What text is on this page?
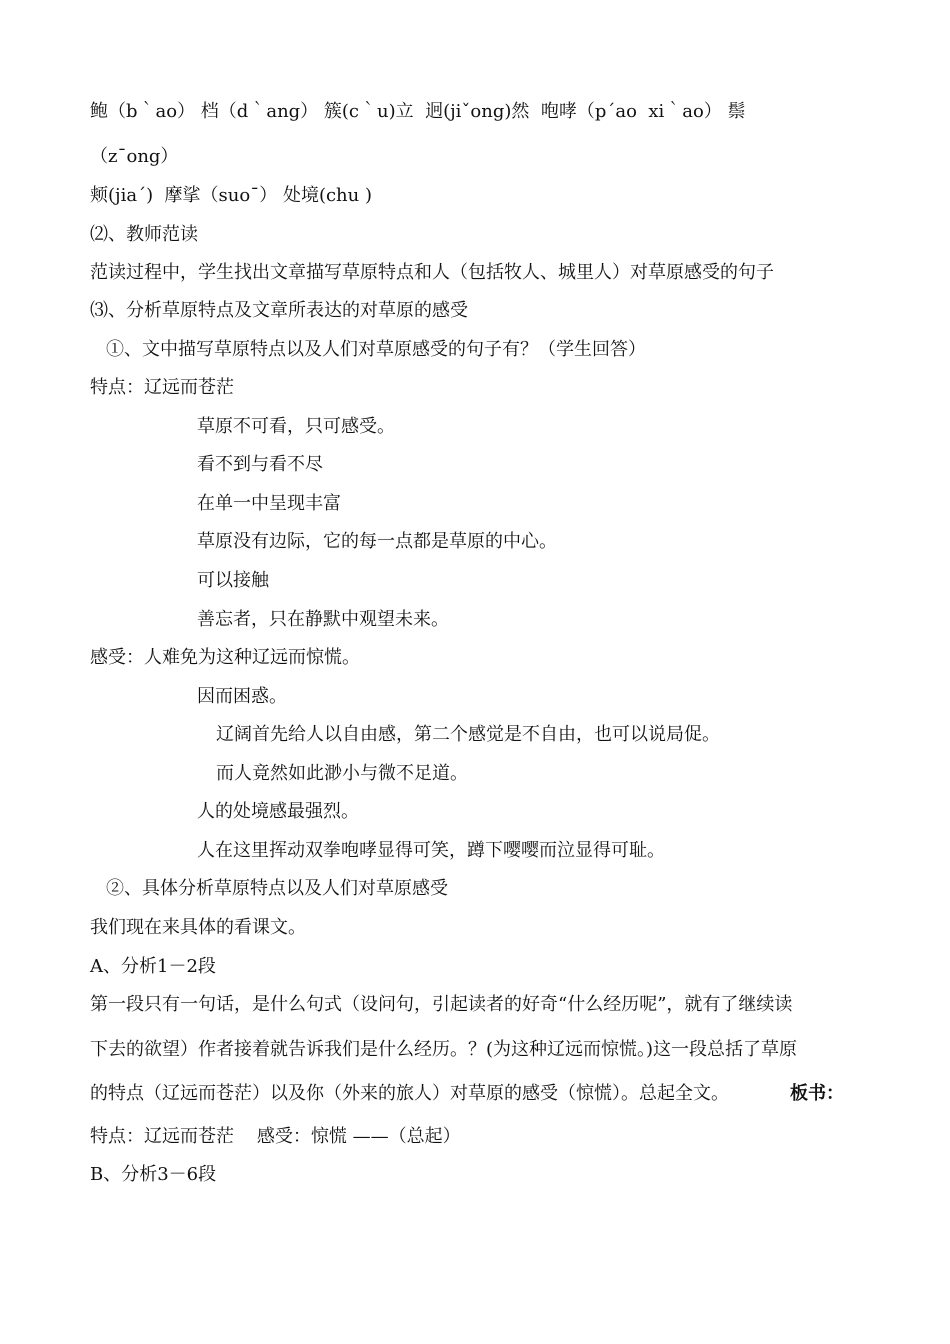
鲍（b｀ao） 档（d｀ang） 簇(c｀u)立  迥(jiˇong)然  咆哮（p´ao  xi｀ao） 鬃
（zˉong）
颊(jia´)  摩挲（suoˉ） 处境(chu )
⑵、教师范读
范读过程中，学生找出文章描写草原特点和人（包括牧人、城里人）对草原感受的句子
⑶、分析草原特点及文章所表达的对草原的感受
①、文中描写草原特点以及人们对草原感受的句子有？（学生回答）
特点：辽远而苍茫
草原不可看，只可感受。
看不到与看不尽
在单一中呈现丰富
草原没有边际，它的每一点都是草原的中心。
可以接触
善忘者，只在静默中观望未来。
感受：人难免为这种辽远而惊慌。
因而困惑。
辽阔首先给人以自由感，第二个感觉是不自由，也可以说局促。
而人竟然如此渺小与微不足道。
人的处境感最强烈。
人在这里挥动双拳咆哮显得可笑，蹲下嘤嘤而泣显得可耻。
②、具体分析草原特点以及人们对草原感受
我们现在来具体的看课文。
A、分析1－2段
第一段只有一句话，是什么句式（设问句，引起读者的好奇“什么经历呢”，就有了继续读
下去的欲望）作者接着就告诉我们是什么经历。？(为这种辽远而惊慌。)这一段总括了草原
的特点（辽远而苍茫）以及你（外来的旅人）对草原的感受（惊慌）。总起全文。	板书：
特点：辽远而苍茫    感受：惊慌 ——（总起）
B、分析3－6段
